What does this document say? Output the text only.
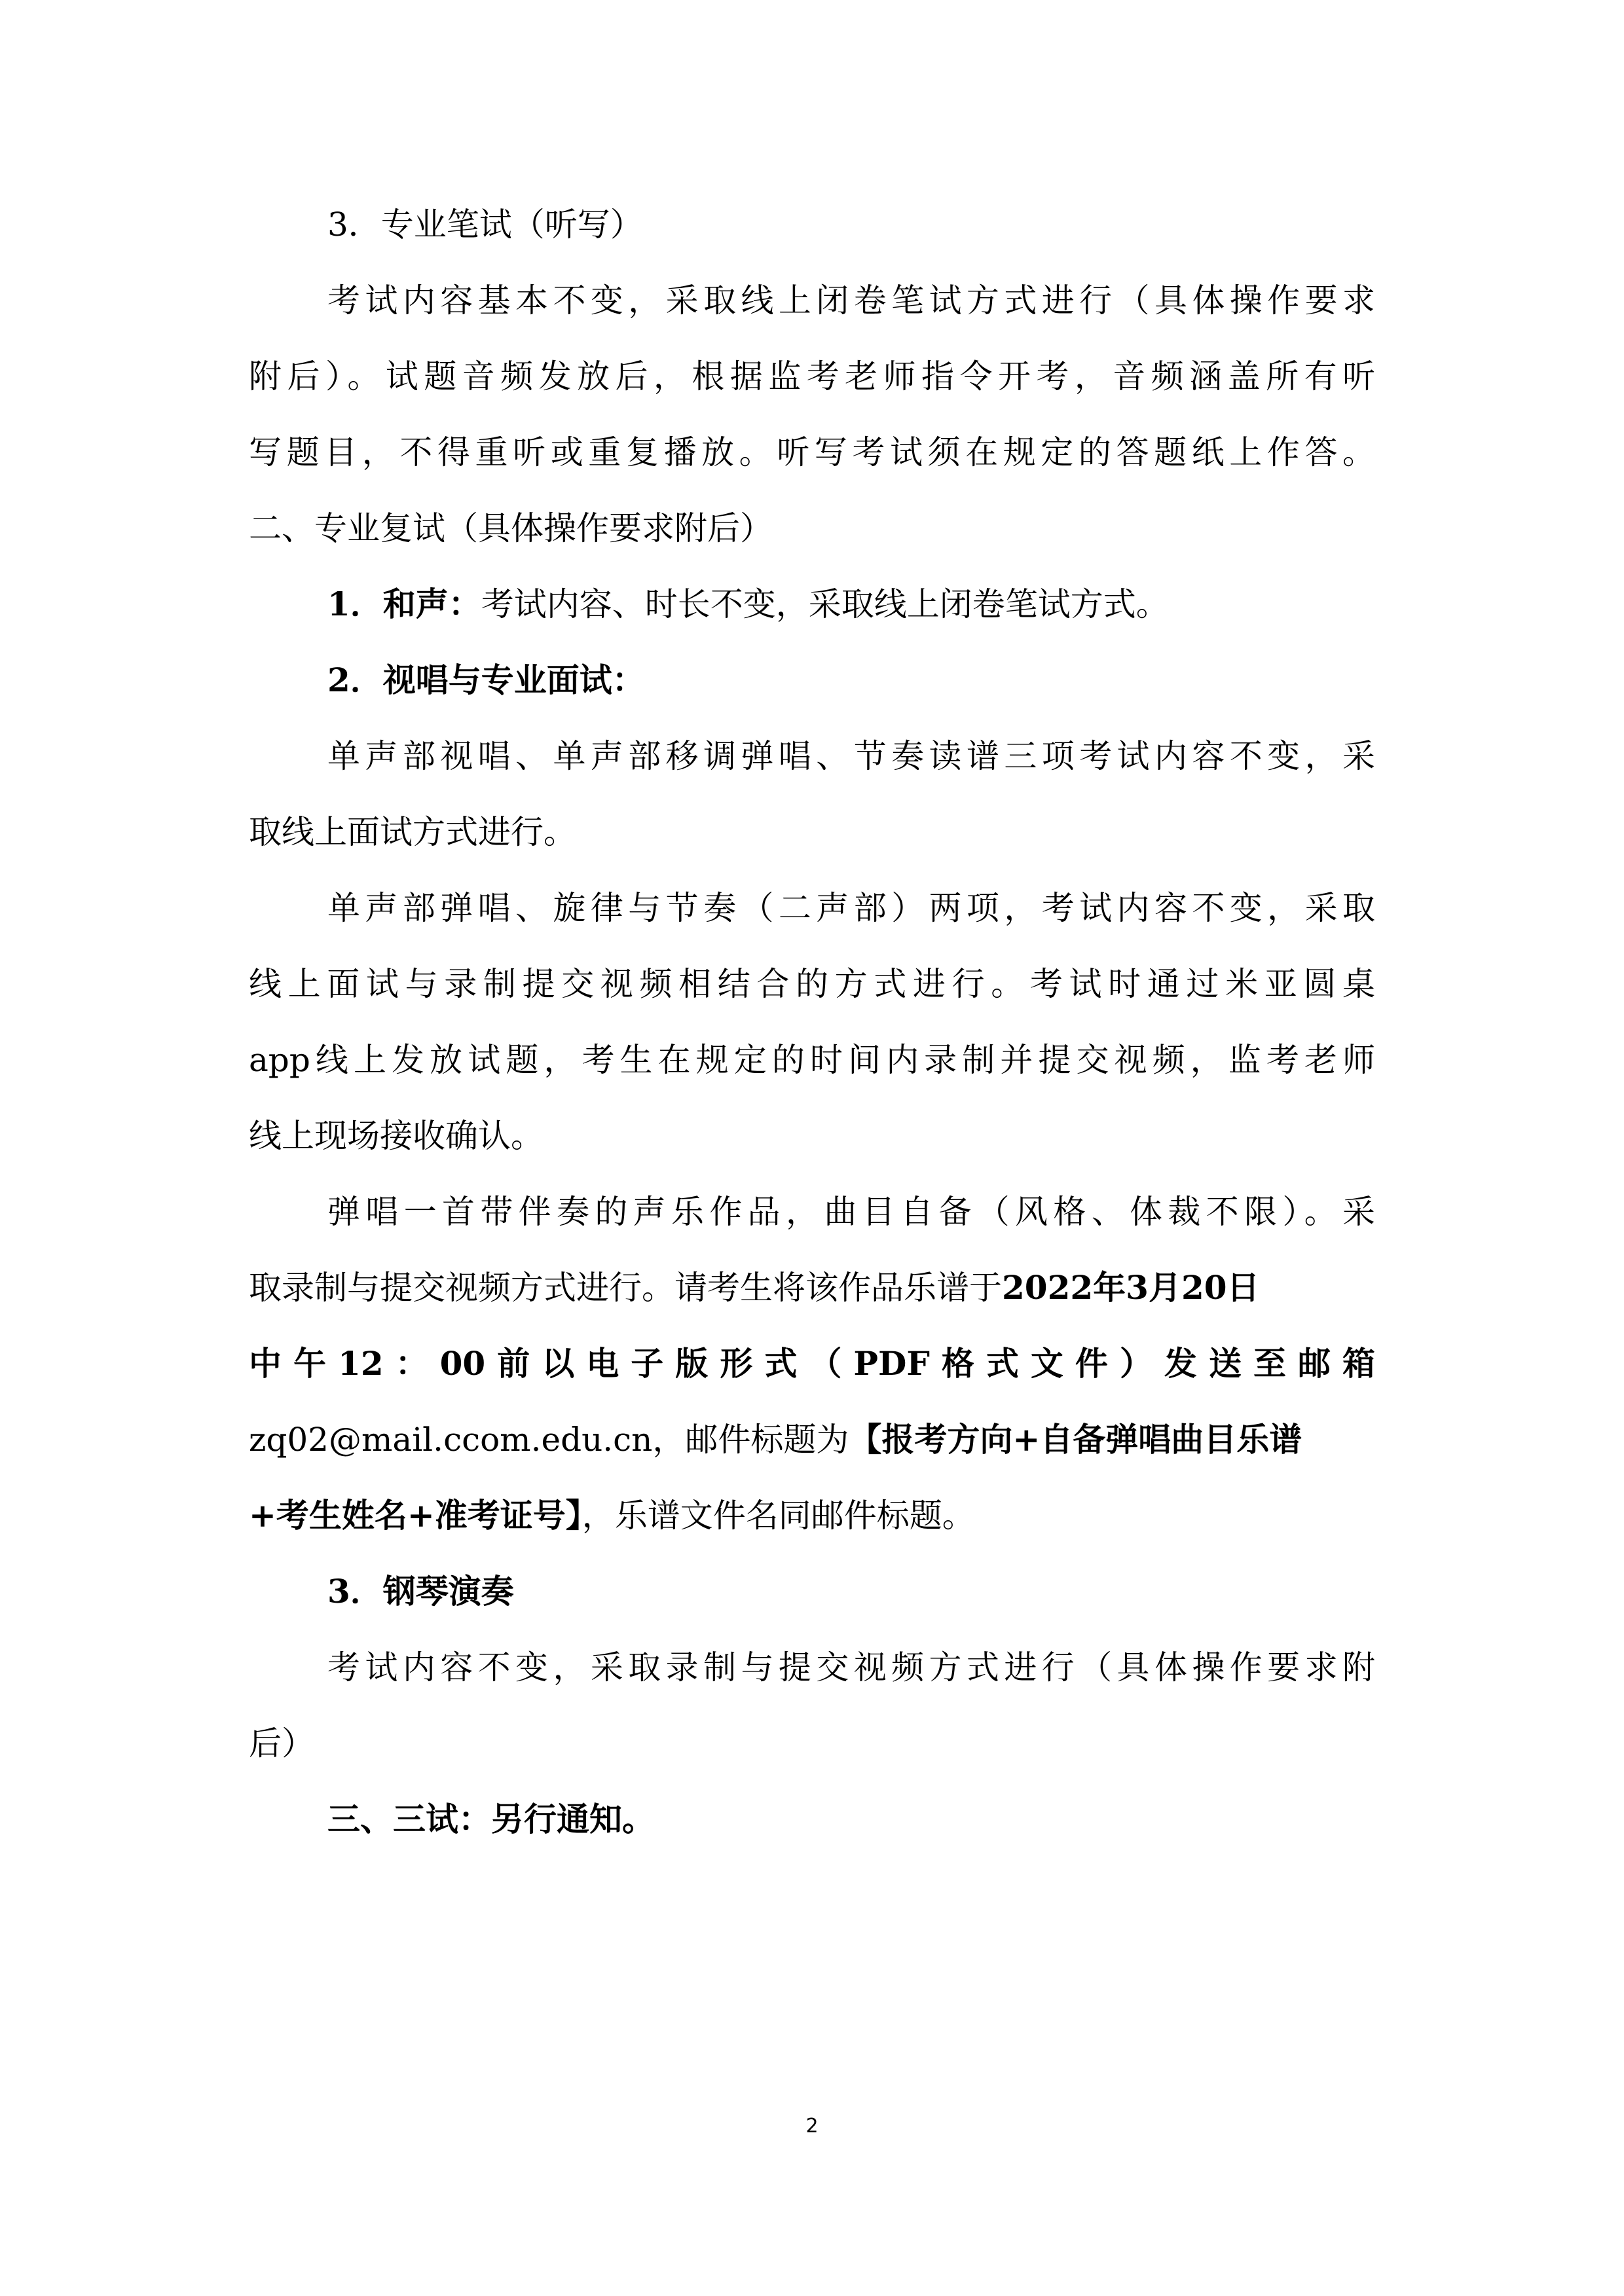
3．专业笔试（听写）
考试内容基本不变，采取线上闭卷笔试方式进行（具体操作要求
附后）。试题音频发放后，根据监考老师指令开考，音频涵盖所有听
写题目，不得重听或重复播放。听写考试须在规定的答题纸上作答。
二、专业复试（具体操作要求附后）
1．和声：考试内容、时长不变，采取线上闭卷笔试方式。
2．视唱与专业面试：
单声部视唱、单声部移调弹唱、节奏读谱三项考试内容不变，采
取线上面试方式进行。
单声部弹唱、旋律与节奏（二声部）两项，考试内容不变，采取
线上面试与录制提交视频相结合的方式进行。考试时通过米亚圆桌
app线上发放试题，考生在规定的时间内录制并提交视频，监考老师
线上现场接收确认。
弹唱一首带伴奏的声乐作品，曲目自备（风格、体裁不限）。采
取录制与提交视频方式进行。请考生将该作品乐谱于2022年3月20日
中午12：00前以电子版形式（PDF格式文件）发送至邮箱
zq02@mail.ccom.edu.cn，邮件标题为【报考方向+自备弹唱曲目乐谱
+考生姓名+准考证号】，乐谱文件名同邮件标题。
3．钢琴演奏
考试内容不变，采取录制与提交视频方式进行（具体操作要求附
后）
三、三试：另行通知。
2
